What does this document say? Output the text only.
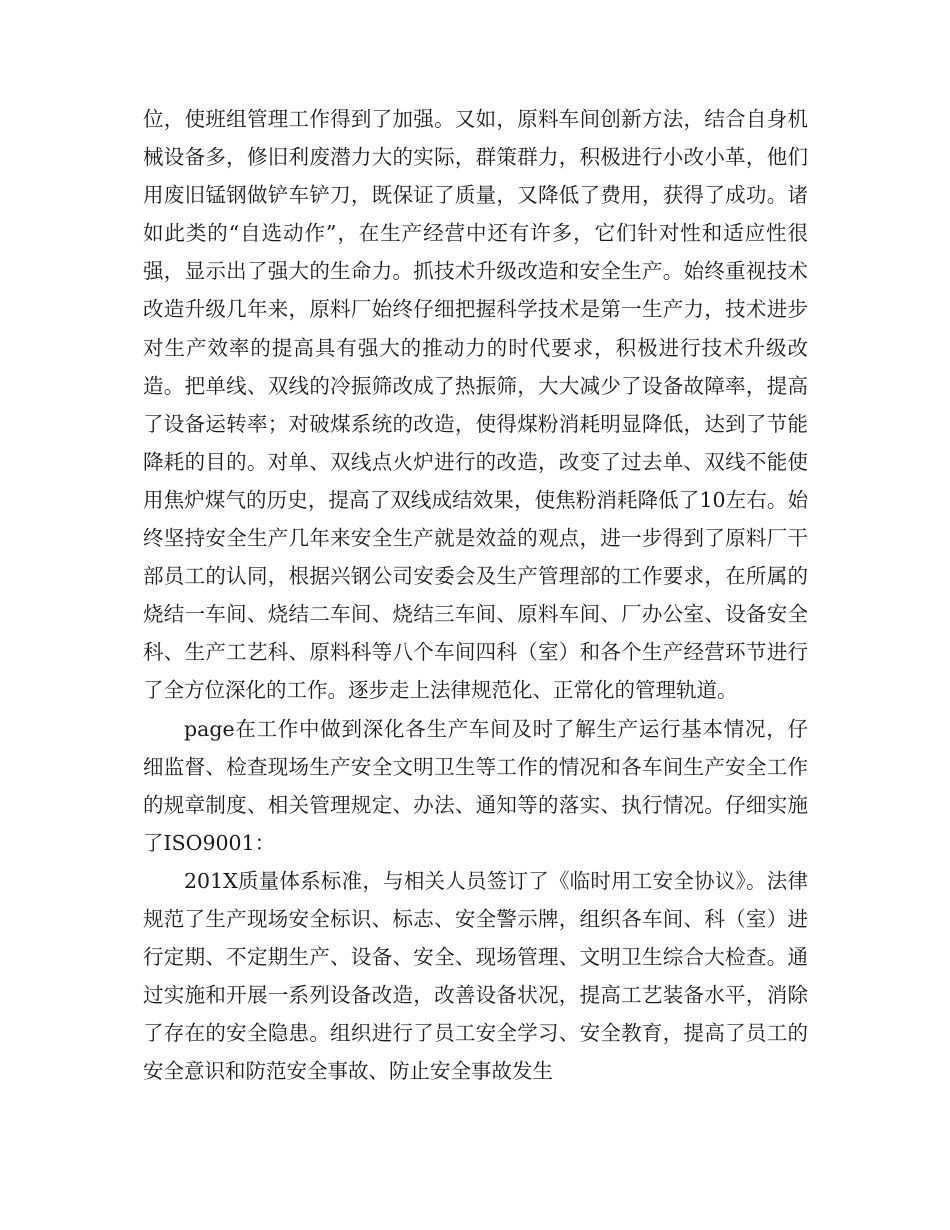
位，使班组管理工作得到了加强。又如，原料车间创新方法，结合自身机械设备多，修旧利废潜力大的实际，群策群力，积极进行小改小革，他们用废旧锰钢做铲车铲刀，既保证了质量，又降低了费用，获得了成功。诸如此类的“自选动作”，在生产经营中还有许多，它们针对性和适应性很强，显示出了强大的生命力。抓技术升级改造和安全生产。始终重视技术改造升级几年来，原料厂始终仔细把握科学技术是第一生产力，技术进步对生产效率的提高具有强大的推动力的时代要求，积极进行技术升级改造。把单线、双线的冷振筛改成了热振筛，大大减少了设备故障率，提高了设备运转率；对破煤系统的改造，使得煤粉消耗明显降低，达到了节能降耗的目的。对单、双线点火炉进行的改造，改变了过去单、双线不能使用焦炉煤气的历史，提高了双线成结效果，使焦粉消耗降低了10左右。始终坚持安全生产几年来安全生产就是效益的观点，进一步得到了原料厂干部员工的认同，根据兴钢公司安委会及生产管理部的工作要求，在所属的烧结一车间、烧结二车间、烧结三车间、原料车间、厂办公室、设备安全科、生产工艺科、原料科等八个车间四科（室）和各个生产经营环节进行了全方位深化的工作。逐步走上法律规范化、正常化的管理轨道。

page在工作中做到深化各生产车间及时了解生产运行基本情况，仔细监督、检查现场生产安全文明卫生等工作的情况和各车间生产安全工作的规章制度、相关管理规定、办法、通知等的落实、执行情况。仔细实施了ISO9001：

201X质量体系标准，与相关人员签订了《临时用工安全协议》。法律规范了生产现场安全标识、标志、安全警示牌，组织各车间、科（室）进行定期、不定期生产、设备、安全、现场管理、文明卫生综合大检查。通过实施和开展一系列设备改造，改善设备状况，提高工艺装备水平，消除了存在的安全隐患。组织进行了员工安全学习、安全教育，提高了员工的安全意识和防范安全事故、防止安全事故发生
